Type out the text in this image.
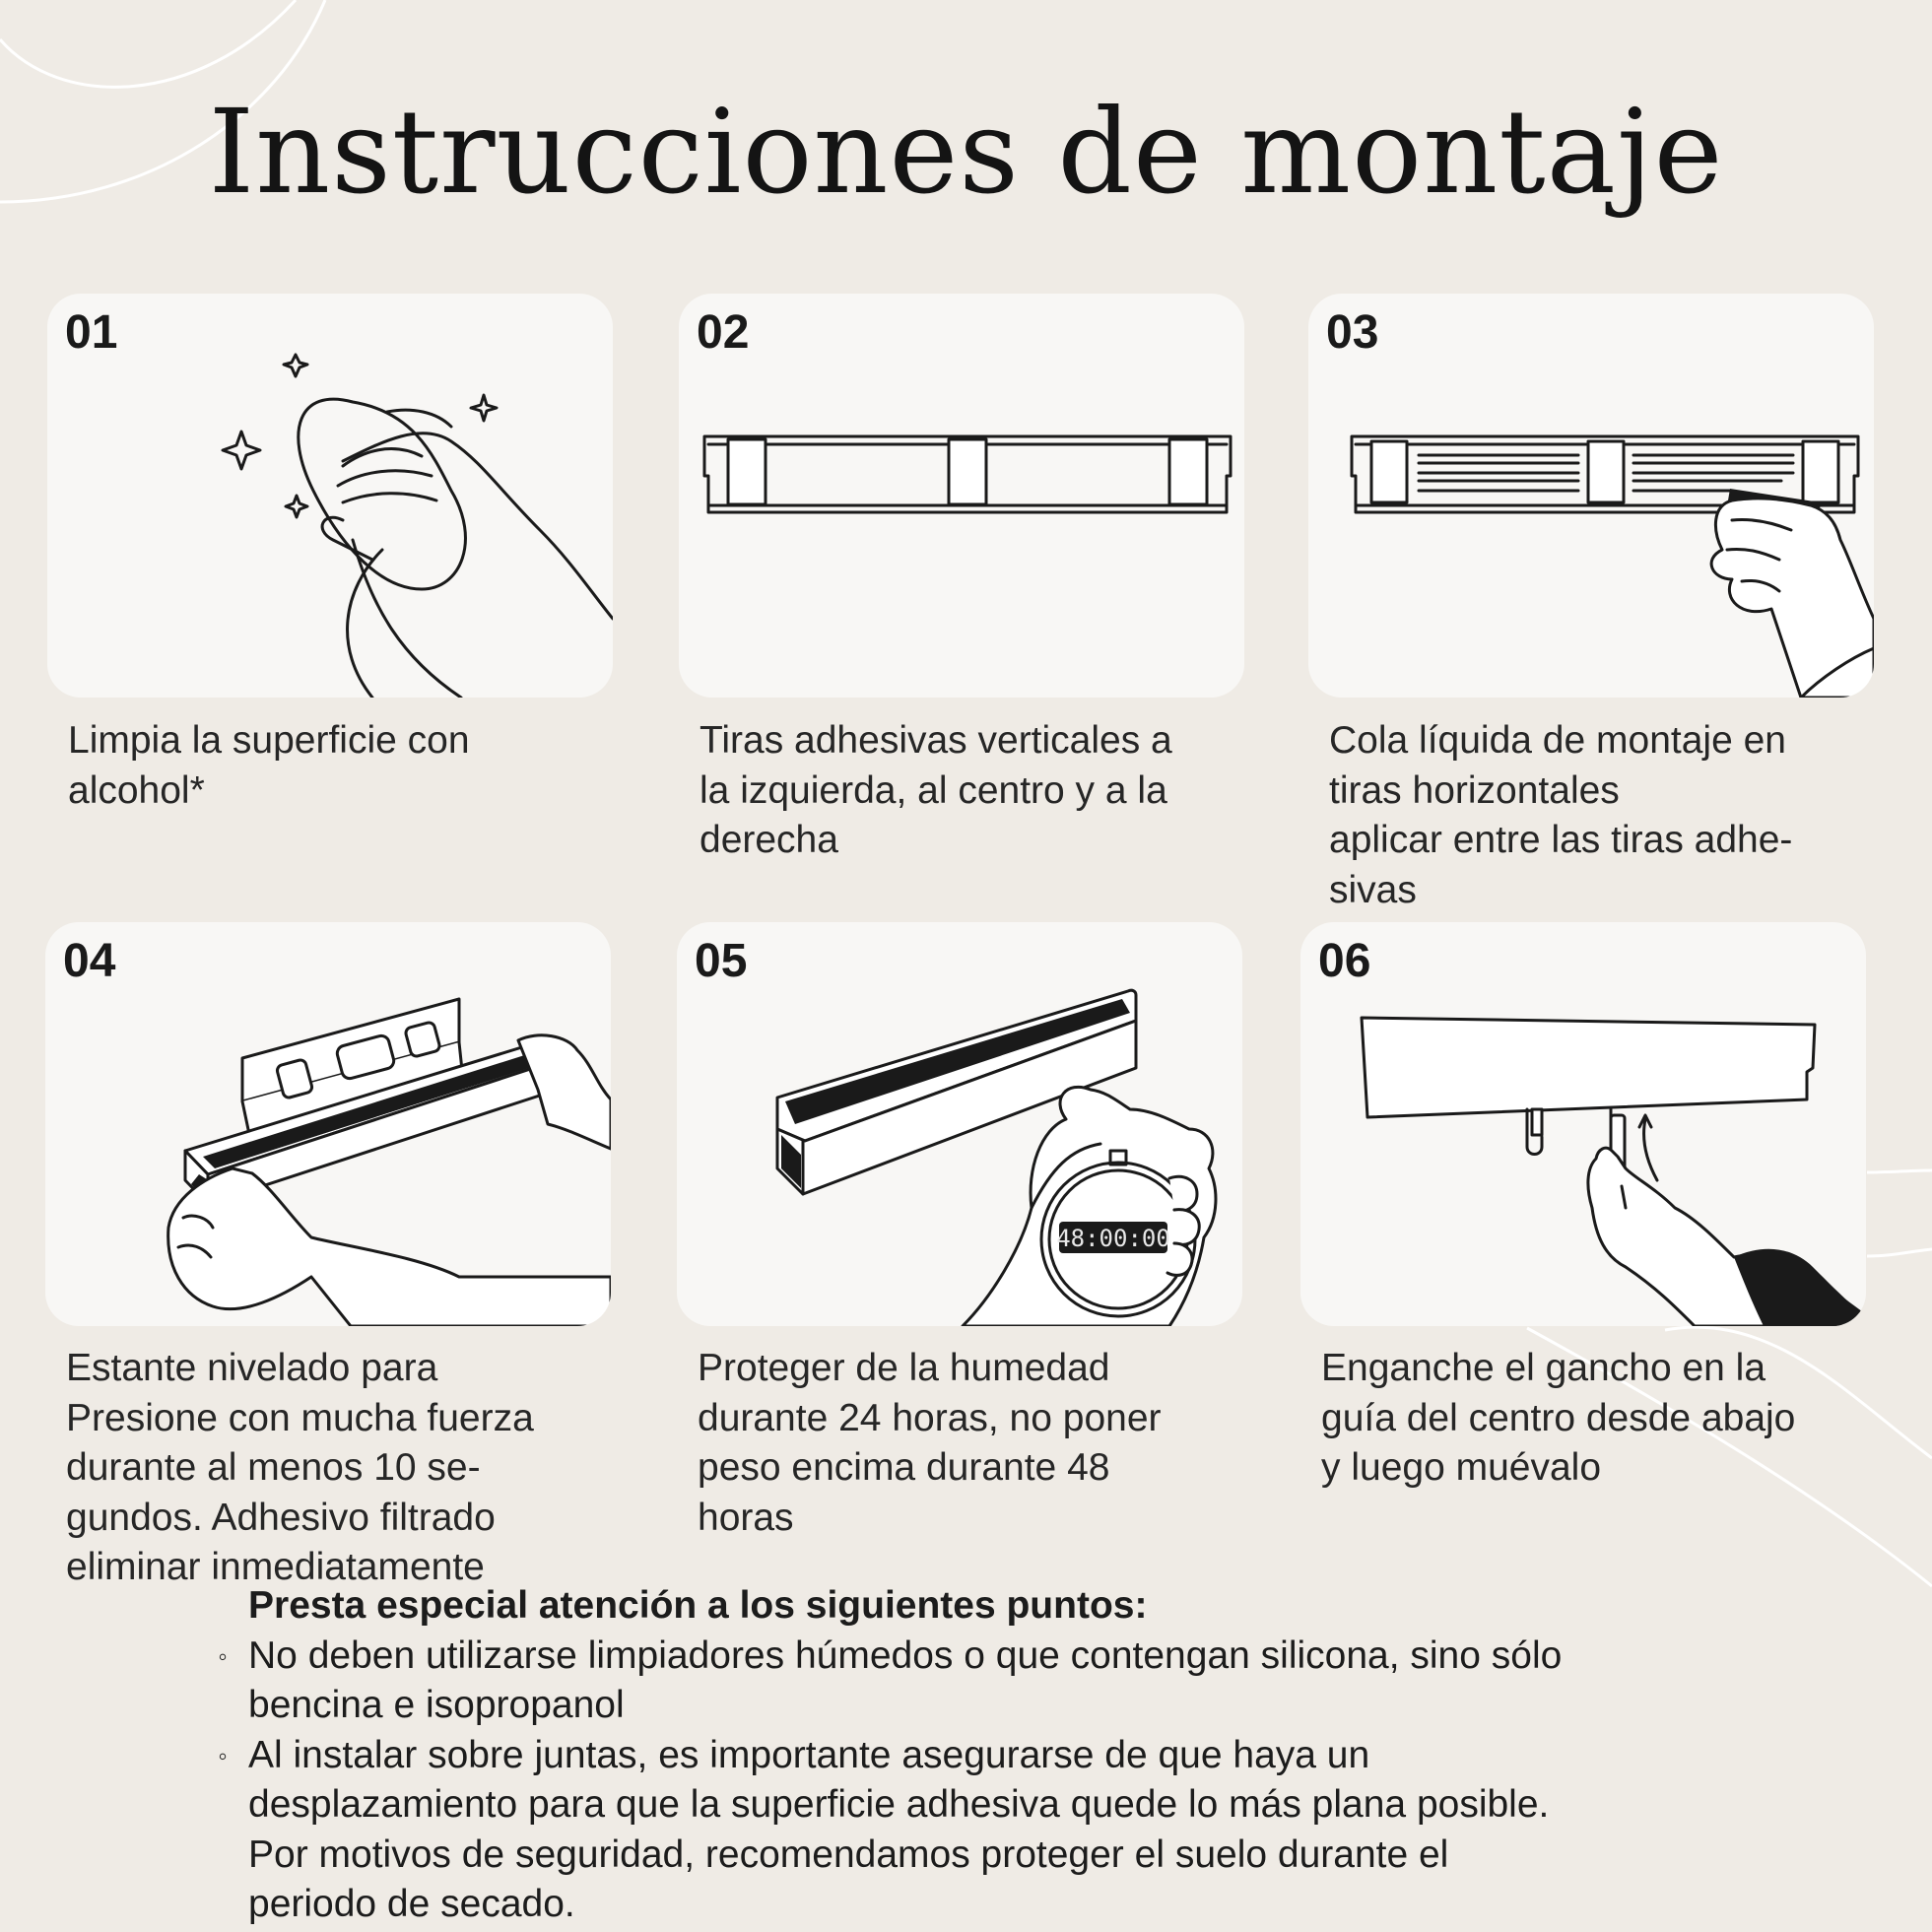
Instrucciones de montaje
01
Limpia la superficie con
alcohol*
02
Tiras adhesivas verticales a
la izquierda, al centro y a la
derecha
03
Cola líquida de montaje en
tiras horizontales
aplicar entre las tiras adhe-
sivas
04
Estante nivelado para
Presione con mucha fuerza
durante al menos 10 se-
gundos. Adhesivo filtrado
eliminar inmediatamente
05
48:00:00
Proteger de la humedad
durante 24 horas, no poner
peso encima durante 48
horas
06
Enganche el gancho en la
guía del centro desde abajo
y luego muévalo
Presta especial atención a los siguientes puntos:
◦ No deben utilizarse limpiadores húmedos o que contengan silicona, sino sólo
bencina e isopropanol
◦ Al instalar sobre juntas, es importante asegurarse de que haya un
desplazamiento para que la superficie adhesiva quede lo más plana posible.
Por motivos de seguridad, recomendamos proteger el suelo durante el
periodo de secado.
